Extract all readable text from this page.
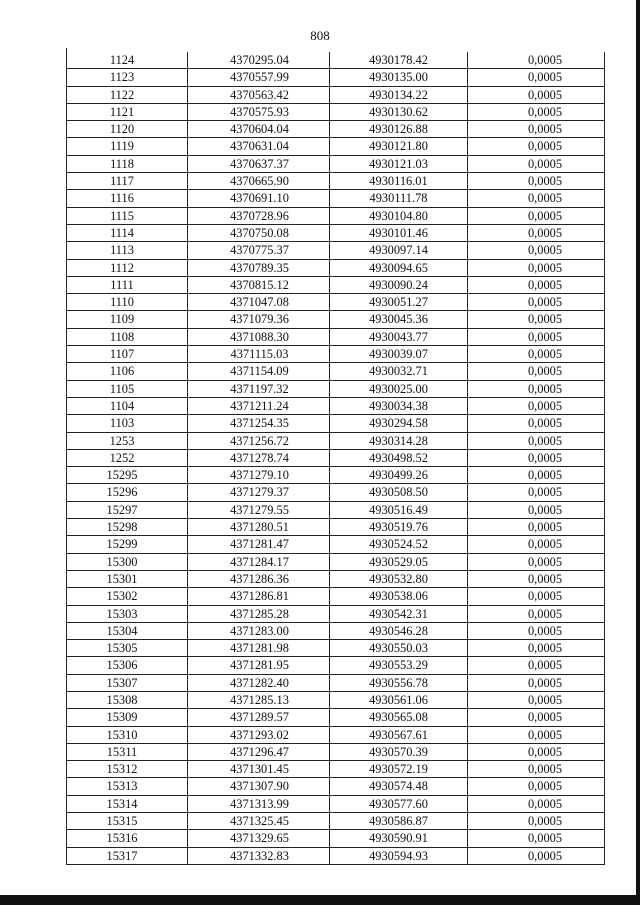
808
1124	4370295.04	4930178.42	0,0005
1123	4370557.99	4930135.00	0,0005
1122	4370563.42	4930134.22	0,0005
1121	4370575.93	4930130.62	0,0005
1120	4370604.04	4930126.88	0,0005
1119	4370631.04	4930121.80	0,0005
1118	4370637.37	4930121.03	0,0005
1117	4370665.90	4930116.01	0,0005
1116	4370691.10	4930111.78	0,0005
1115	4370728.96	4930104.80	0,0005
1114	4370750.08	4930101.46	0,0005
1113	4370775.37	4930097.14	0,0005
1112	4370789.35	4930094.65	0,0005
1111	4370815.12	4930090.24	0,0005
1110	4371047.08	4930051.27	0,0005
1109	4371079.36	4930045.36	0,0005
1108	4371088.30	4930043.77	0,0005
1107	4371115.03	4930039.07	0,0005
1106	4371154.09	4930032.71	0,0005
1105	4371197.32	4930025.00	0,0005
1104	4371211.24	4930034.38	0,0005
1103	4371254.35	4930294.58	0,0005
1253	4371256.72	4930314.28	0,0005
1252	4371278.74	4930498.52	0,0005
15295	4371279.10	4930499.26	0,0005
15296	4371279.37	4930508.50	0,0005
15297	4371279.55	4930516.49	0,0005
15298	4371280.51	4930519.76	0,0005
15299	4371281.47	4930524.52	0,0005
15300	4371284.17	4930529.05	0,0005
15301	4371286.36	4930532.80	0,0005
15302	4371286.81	4930538.06	0,0005
15303	4371285.28	4930542.31	0,0005
15304	4371283.00	4930546.28	0,0005
15305	4371281.98	4930550.03	0,0005
15306	4371281.95	4930553.29	0,0005
15307	4371282.40	4930556.78	0,0005
15308	4371285.13	4930561.06	0,0005
15309	4371289.57	4930565.08	0,0005
15310	4371293.02	4930567.61	0,0005
15311	4371296.47	4930570.39	0,0005
15312	4371301.45	4930572.19	0,0005
15313	4371307.90	4930574.48	0,0005
15314	4371313.99	4930577.60	0,0005
15315	4371325.45	4930586.87	0,0005
15316	4371329.65	4930590.91	0,0005
15317	4371332.83	4930594.93	0,0005
